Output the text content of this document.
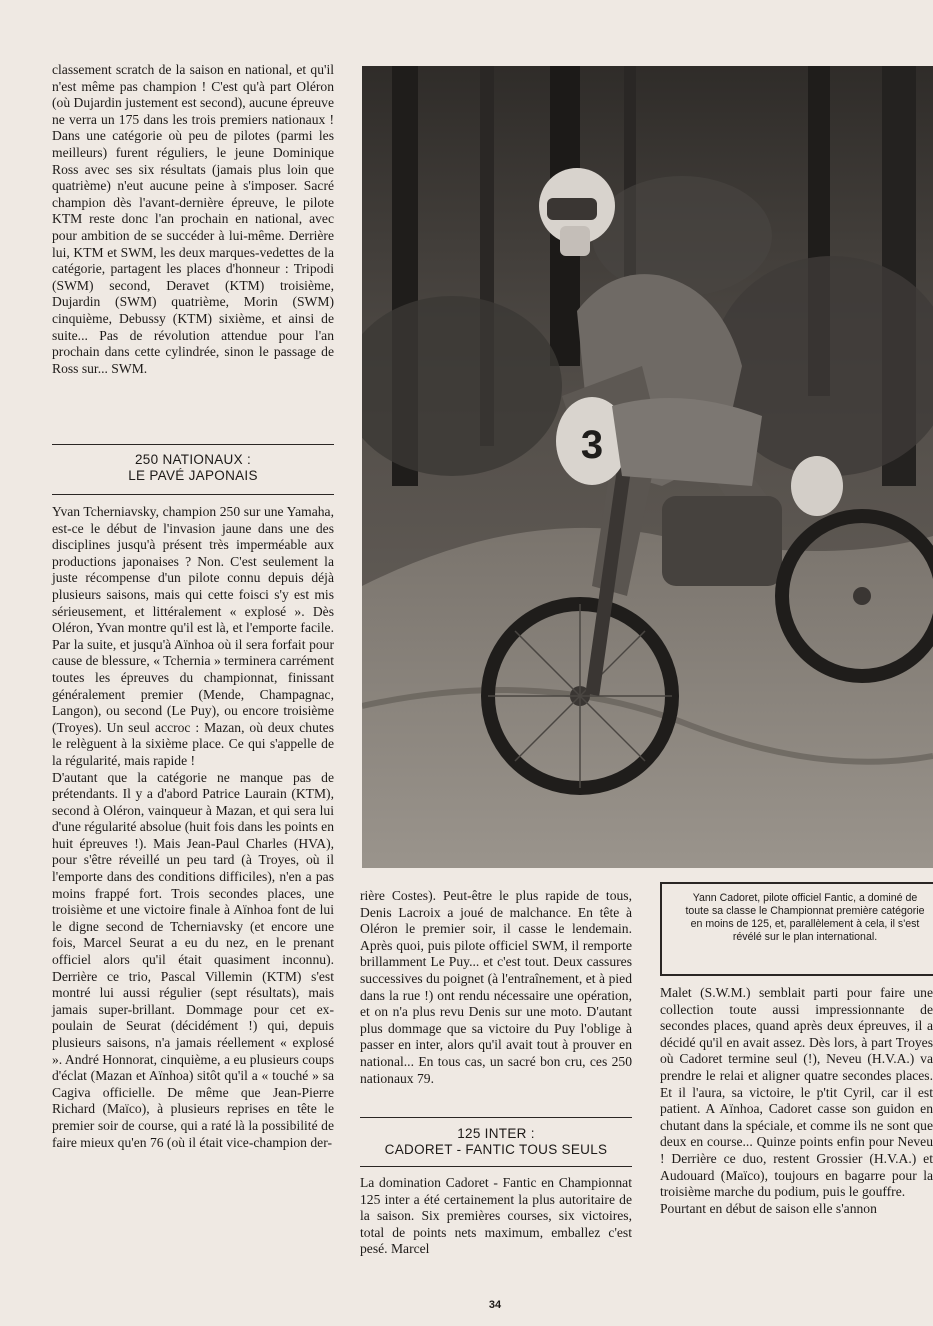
classement scratch de la saison en national, et qu'il n'est même pas champion ! C'est qu'à part Oléron (où Dujardin justement est second), aucune épreuve ne verra un 175 dans les trois premiers nationaux ! Dans une catégorie où peu de pilotes (parmi les meilleurs) furent réguliers, le jeune Dominique Ross avec ses six résultats (jamais plus loin que quatrième) n'eut aucune peine à s'imposer. Sacré champion dès l'avant-dernière épreuve, le pilote KTM reste donc l'an prochain en national, avec pour ambition de se succéder à lui-même. Derrière lui, KTM et SWM, les deux marques-vedettes de la catégorie, partagent les places d'honneur : Tripodi (SWM) second, Deravet (KTM) troisième, Dujardin (SWM) quatrième, Morin (SWM) cinquième, Debussy (KTM) sixième, et ainsi de suite... Pas de révolution attendue pour l'an prochain dans cette cylindrée, sinon le passage de Ross sur... SWM.

250 NATIONAUX :
LE PAVÉ JAPONAIS

Yvan Tcherniavsky, champion 250 sur une Yamaha, est-ce le début de l'invasion jaune dans une des disciplines jusqu'à présent très imperméable aux productions japonaises ? Non. C'est seulement la juste récompense d'un pilote connu depuis déjà plusieurs saisons, mais qui cette foisci s'y est mis sérieusement, et littéralement « explosé ». Dès Oléron, Yvan montre qu'il est là, et l'emporte facile. Par la suite, et jusqu'à Aïnhoa où il sera forfait pour cause de blessure, « Tchernia » terminera carrément toutes les épreuves du championnat, finissant généralement premier (Mende, Champagnac, Langon), ou second (Le Puy), ou encore troisième (Troyes). Un seul accroc : Mazan, où deux chutes le relèguent à la sixième place. Ce qui s'appelle de la régularité, mais rapide !

D'autant que la catégorie ne manque pas de prétendants. Il y a d'abord Patrice Laurain (KTM), second à Oléron, vainqueur à Mazan, et qui sera lui d'une régularité absolue (huit fois dans les points en huit épreuves !). Mais Jean-Paul Charles (HVA), pour s'être réveillé un peu tard (à Troyes, où il l'emporte dans des conditions difficiles), n'en a pas moins frappé fort. Trois secondes places, une troisième et une victoire finale à Aïnhoa font de lui le digne second de Tcherniavsky (et encore une fois, Marcel Seurat a eu du nez, en le prenant officiel alors qu'il était quasiment inconnu). Derrière ce trio, Pascal Villemin (KTM) s'est montré lui aussi régulier (sept résultats), mais jamais super-brillant. Dommage pour cet ex-poulain de Seurat (décidément !) qui, depuis plusieurs saisons, n'a jamais réellement « explosé ». André Honnorat, cinquième, a eu plusieurs coups d'éclat (Mazan et Aïnhoa) sitôt qu'il a « touché » sa Cagiva officielle. De même que Jean-Pierre Richard (Maïco), à plusieurs reprises en tête le premier soir de course, qui a raté là la possibilité de faire mieux qu'en 76 (où il était vice-champion der-

3
Yann Cadoret, pilote officiel Fantic, a dominé de toute sa classe le Championnat première catégorie en moins de 125, et, parallèlement à cela, il s'est révélé sur le plan international.

rière Costes). Peut-être le plus rapide de tous, Denis Lacroix a joué de malchance. En tête à Oléron le premier soir, il casse le lendemain. Après quoi, puis pilote officiel SWM, il remporte brillamment Le Puy... et c'est tout. Deux cassures successives du poignet (à l'entraînement, et à pied dans la rue !) ont rendu nécessaire une opération, et on n'a plus revu Denis sur une moto. D'autant plus dommage que sa victoire du Puy l'oblige à passer en inter, alors qu'il avait tout à prouver en national... En tous cas, un sacré bon cru, ces 250 nationaux 79.

125 INTER :
CADORET - FANTIC TOUS SEULS

La domination Cadoret - Fantic en Championnat 125 inter a été certainement la plus autoritaire de la saison. Six premières courses, six victoires, total de points nets maximum, emballez c'est pesé. Marcel

Malet (S.W.M.) semblait parti pour faire une collection toute aussi impressionnante de secondes places, quand après deux épreuves, il a décidé qu'il en avait assez. Dès lors, à part Troyes où Cadoret termine seul (!), Neveu (H.V.A.) va prendre le relai et aligner quatre secondes places. Et il l'aura, sa victoire, le p'tit Cyril, car il est patient. A Aïnhoa, Cadoret casse son guidon en chutant dans la spéciale, et comme ils ne sont que deux en course... Quinze points enfin pour Neveu ! Derrière ce duo, restent Grossier (H.V.A.) et Audouard (Maïco), toujours en bagarre pour la troisième marche du podium, puis le gouffre.

Pourtant en début de saison elle s'annon

34
